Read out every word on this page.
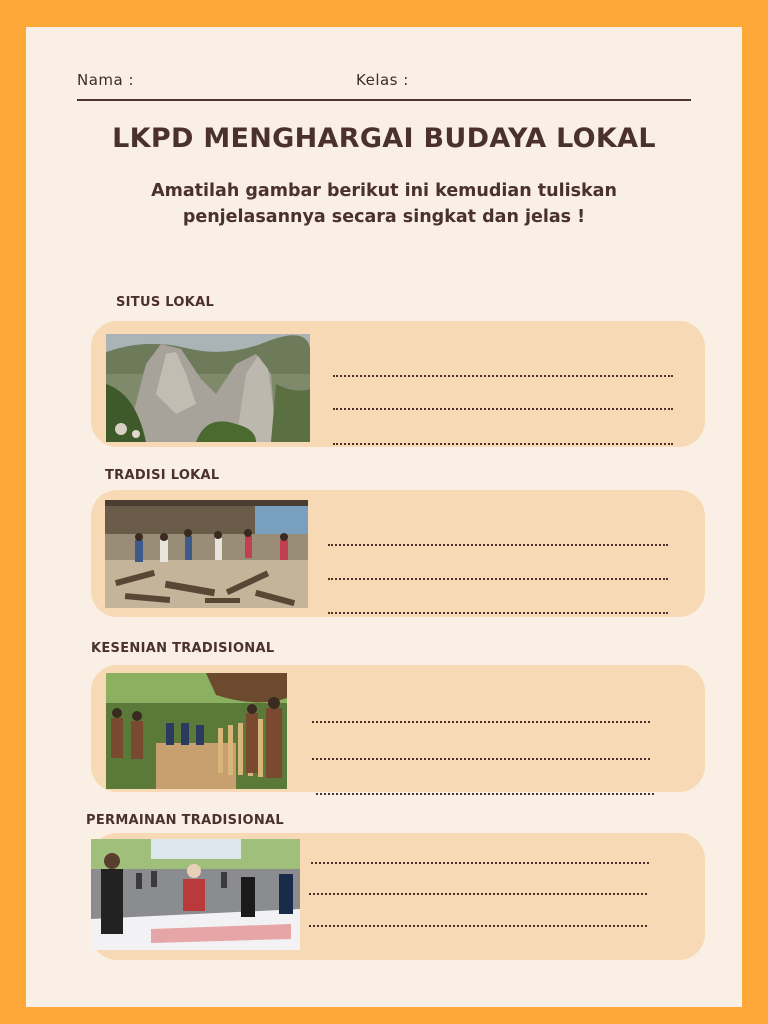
Nama :	Kelas :
LKPD MENGHARGAI BUDAYA LOKAL
Amatilah gambar berikut ini kemudian tuliskan penjelasannya secara singkat dan jelas !
SITUS LOKAL
TRADISI LOKAL
KESENIAN TRADISIONAL
PERMAINAN TRADISIONAL
